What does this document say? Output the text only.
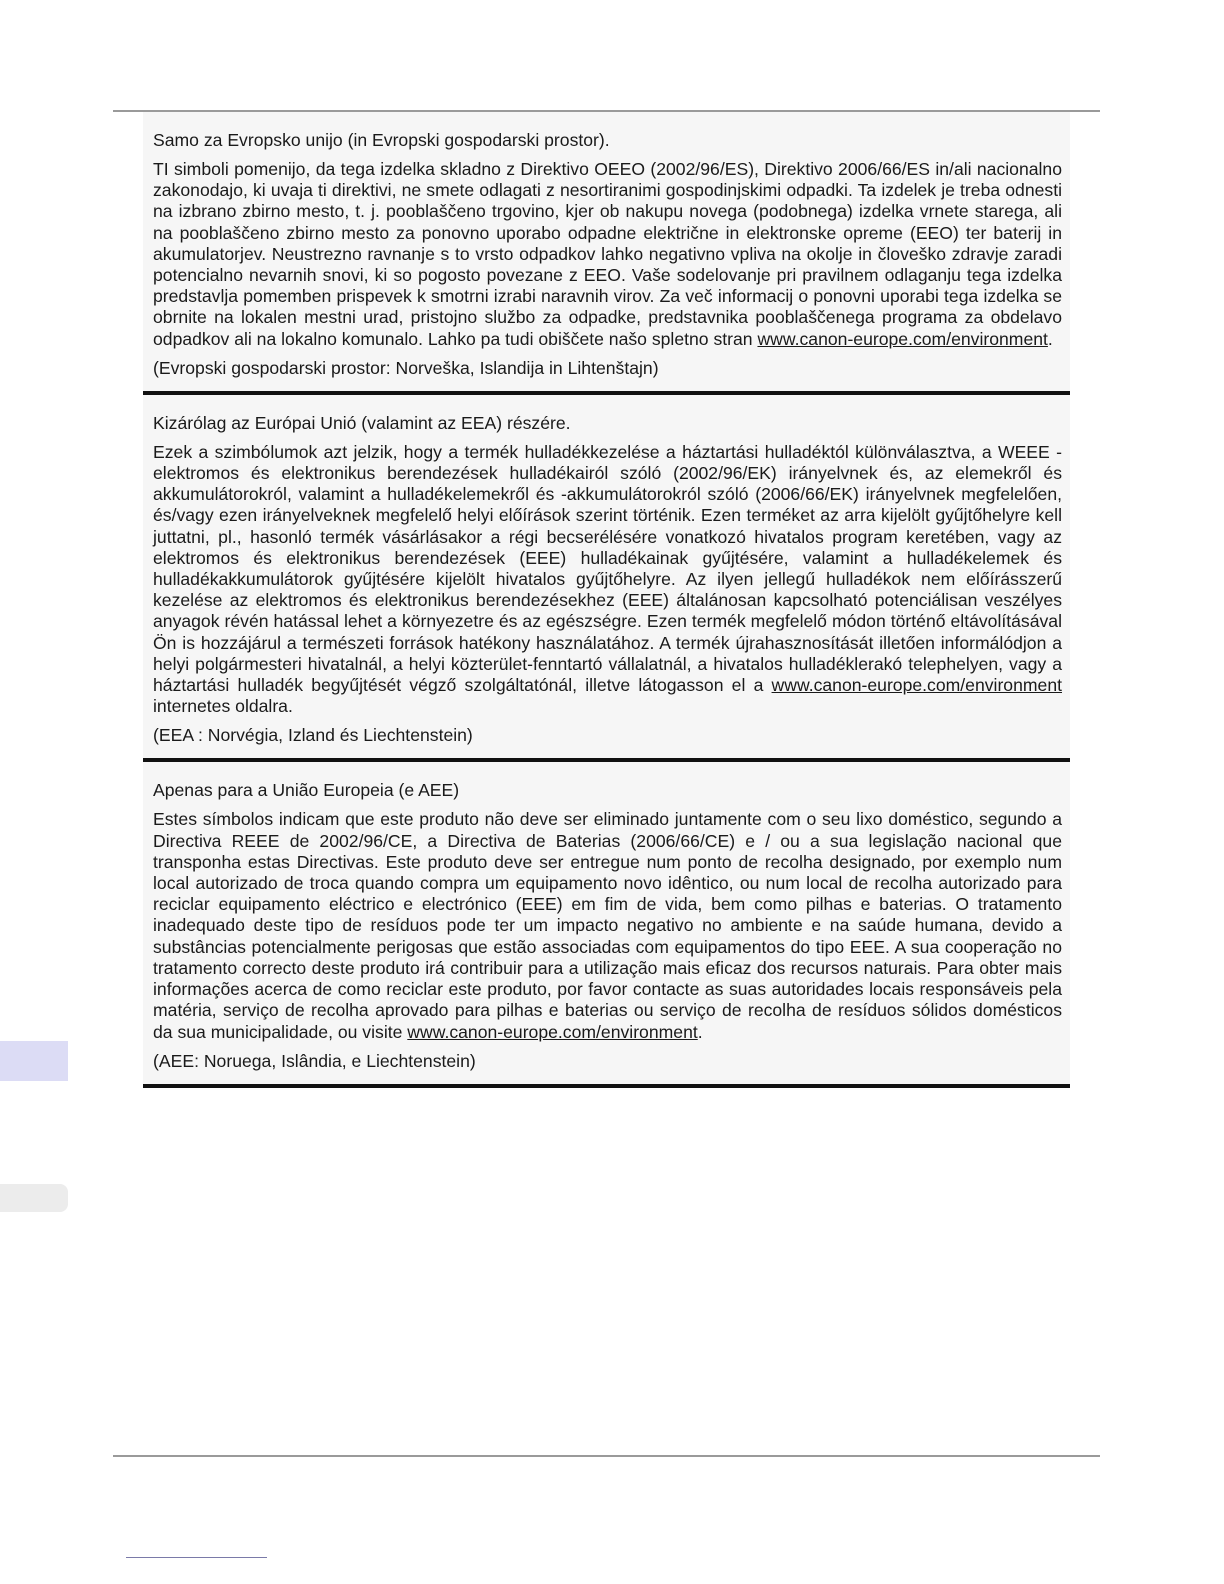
Samo za Evropsko unijo (in Evropski gospodarski prostor).

TI simboli pomenijo, da tega izdelka skladno z Direktivo OEEO (2002/96/ES), Direktivo 2006/66/ES in/ali nacionalno zakonodajo, ki uvaja ti direktivi, ne smete odlagati z nesortiranimi gospodinjskimi odpadki. Ta izdelek je treba odnesti na izbrano zbirno mesto, t. j. pooblaščeno trgovino, kjer ob nakupu novega (podobnega) izdelka vrnete starega, ali na pooblaščeno zbirno mesto za ponovno uporabo odpadne električne in elektronske opreme (EEO) ter baterij in akumulatorjev. Neustrezno ravnanje s to vrsto odpadkov lahko negativno vpliva na okolje in človeško zdravje zaradi potencialno nevarnih snovi, ki so pogosto povezane z EEO. Vaše sodelovanje pri pravilnem odlaganju tega izdelka predstavlja pomemben prispevek k smotrni izrabi naravnih virov. Za več informacij o ponovni uporabi tega izdelka se obrnite na lokalen mestni urad, pristojno službo za odpadke, predstavnika pooblaščenega programa za obdelavo odpadkov ali na lokalno komunalo. Lahko pa tudi obiščete našo spletno stran www.canon-europe.com/environment.

(Evropski gospodarski prostor: Norveška, Islandija in Lihtenštajn)

Kizárólag az Európai Unió (valamint az EEA) részére.

Ezek a szimbólumok azt jelzik, hogy a termék hulladékkezelése a háztartási hulladéktól különválasztva, a WEEE - elektromos és elektronikus berendezések hulladékairól szóló (2002/96/EK) irányelvnek és, az elemekről és akkumulátorokról, valamint a hulladékelemekről és -akkumulátorokról szóló (2006/66/EK) irányelvnek megfelelően, és/vagy ezen irányelveknek megfelelő helyi előírások szerint történik. Ezen terméket az arra kijelölt gyűjtőhelyre kell juttatni, pl., hasonló termék vásárlásakor a régi becserélésére vonatkozó hivatalos program keretében, vagy az elektromos és elektronikus berendezések (EEE) hulladékainak gyűjtésére, valamint a hulladékelemek és hulladékakkumulátorok gyűjtésére kijelölt hivatalos gyűjtőhelyre. Az ilyen jellegű hulladékok nem előírásszerű kezelése az elektromos és elektronikus berendezésekhez (EEE) általánosan kapcsolható potenciálisan veszélyes anyagok révén hatással lehet a környezetre és az egészségre. Ezen termék megfelelő módon történő eltávolításával Ön is hozzájárul a természeti források hatékony használatához. A termék újrahasznosítását illetően informálódjon a helyi polgármesteri hivatalnál, a helyi közterület-fenntartó vállalatnál, a hivatalos hulladéklerakó telephelyen, vagy a háztartási hulladék begyűjtését végző szolgáltatónál, illetve látogasson el a www.canon-europe.com/environment internetes oldalra.

(EEA : Norvégia, Izland és Liechtenstein)

Apenas para a União Europeia (e AEE)

Estes símbolos indicam que este produto não deve ser eliminado juntamente com o seu lixo doméstico, segundo a Directiva REEE de 2002/96/CE, a Directiva de Baterias (2006/66/CE) e / ou a sua legislação nacional que transponha estas Directivas. Este produto deve ser entregue num ponto de recolha designado, por exemplo num local autorizado de troca quando compra um equipamento novo idêntico, ou num local de recolha autorizado para reciclar equipamento eléctrico e electrónico (EEE) em fim de vida, bem como pilhas e baterias. O tratamento inadequado deste tipo de resíduos pode ter um impacto negativo no ambiente e na saúde humana, devido a substâncias potencialmente perigosas que estão associadas com equipamentos do tipo EEE. A sua cooperação no tratamento correcto deste produto irá contribuir para a utilização mais eficaz dos recursos naturais. Para obter mais informações acerca de como reciclar este produto, por favor contacte as suas autoridades locais responsáveis pela matéria, serviço de recolha aprovado para pilhas e baterias ou serviço de recolha de resíduos sólidos domésticos da sua municipalidade, ou visite www.canon-europe.com/environment.

(AEE: Noruega, Islândia, e Liechtenstein)
